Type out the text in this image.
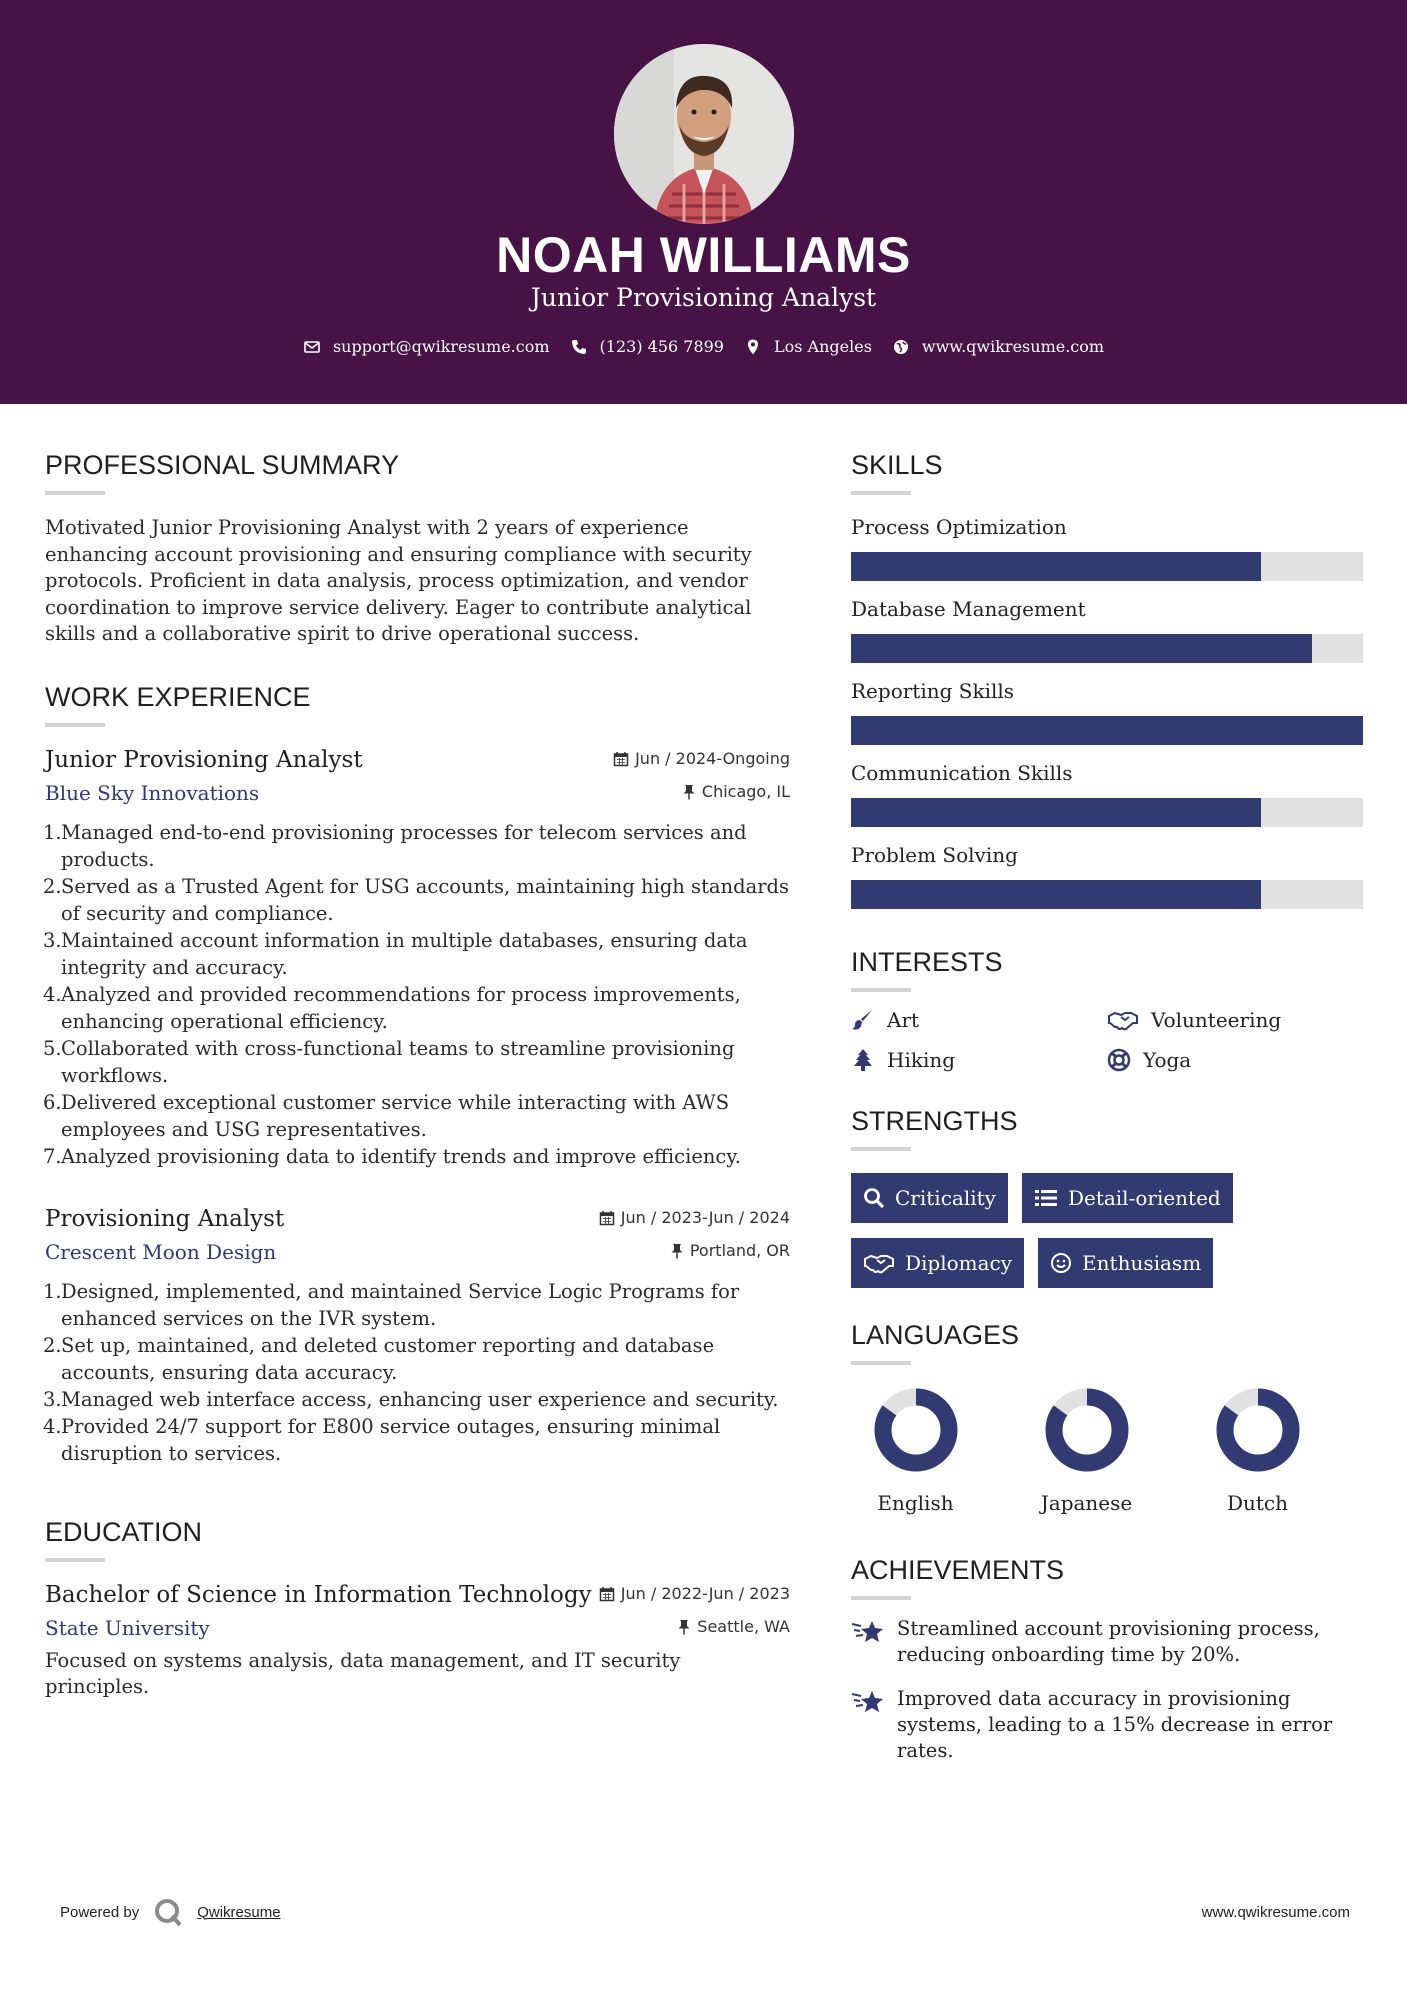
NOAH WILLIAMS
Junior Provisioning Analyst
support@qwikresume.com	(123) 456 7899	Los Angeles	www.qwikresume.com
PROFESSIONAL SUMMARY

Motivated Junior Provisioning Analyst with 2 years of experience enhancing account provisioning and ensuring compliance with security protocols. Proficient in data analysis, process optimization, and vendor coordination to improve service delivery. Eager to contribute analytical skills and a collaborative spirit to drive operational success.

WORK EXPERIENCE
Junior Provisioning Analyst	Jun / 2024-Ongoing
Blue Sky Innovations	Chicago, IL
1. Managed end-to-end provisioning processes for telecom services and products.
2. Served as a Trusted Agent for USG accounts, maintaining high standards of security and compliance.
3. Maintained account information in multiple databases, ensuring data integrity and accuracy.
4. Analyzed and provided recommendations for process improvements, enhancing operational efficiency.
5. Collaborated with cross-functional teams to streamline provisioning workflows.
6. Delivered exceptional customer service while interacting with AWS employees and USG representatives.
7. Analyzed provisioning data to identify trends and improve efficiency.
Provisioning Analyst	Jun / 2023-Jun / 2024
Crescent Moon Design	Portland, OR
1. Designed, implemented, and maintained Service Logic Programs for enhanced services on the IVR system.
2. Set up, maintained, and deleted customer reporting and database accounts, ensuring data accuracy.
3. Managed web interface access, enhancing user experience and security.
4. Provided 24/7 support for E800 service outages, ensuring minimal disruption to services.
EDUCATION
Bachelor of Science in Information Technology Jun / 2022-Jun / 2023
State University	Seattle, WA

Focused on systems analysis, data management, and IT security principles.

SKILLS
Process Optimization
Database Management
Reporting Skills
Communication Skills
Problem Solving
INTERESTS
Art	Volunteering
Hiking	Yoga
STRENGTHS
Criticality	Detail-oriented
Diplomacy	Enthusiasm
LANGUAGES
English	Japanese	Dutch
ACHIEVEMENTS
Streamlined account provisioning process, reducing onboarding time by 20%.
Improved data accuracy in provisioning systems, leading to a 15% decrease in error rates.
Powered by	Qwikresume	www.qwikresume.com
